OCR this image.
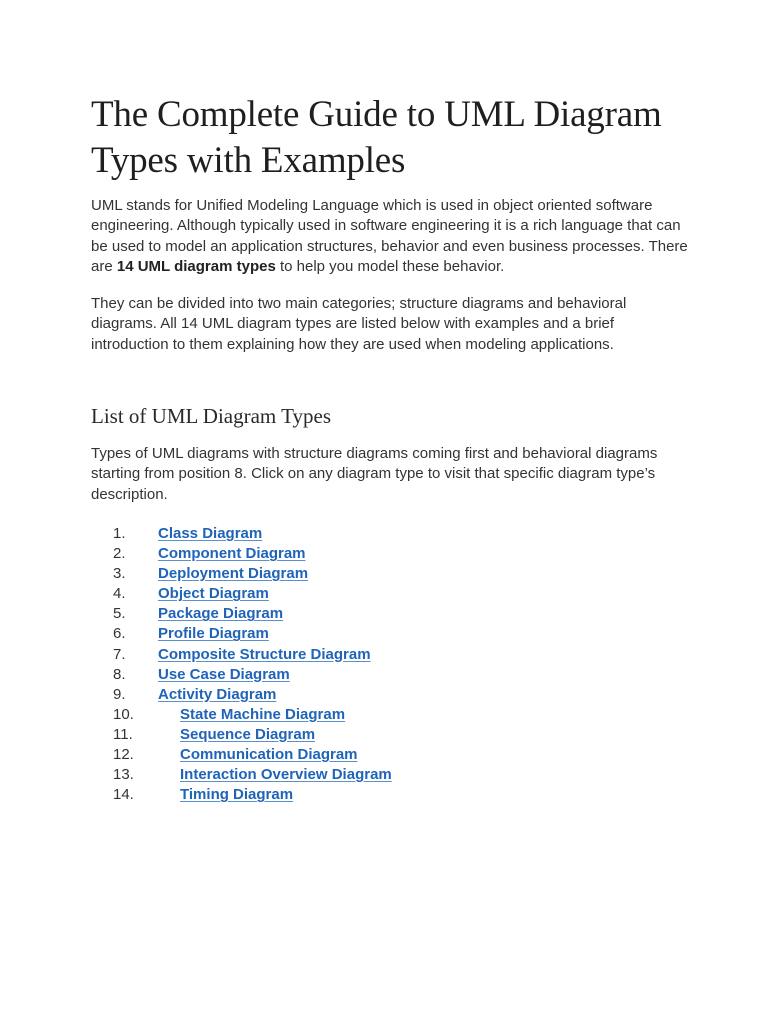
The Complete Guide to UML Diagram Types with Examples

UML stands for Unified Modeling Language which is used in object oriented software engineering. Although typically used in software engineering it is a rich language that can be used to model an application structures, behavior and even business processes. There are 14 UML diagram types to help you model these behavior.

They can be divided into two main categories; structure diagrams and behavioral diagrams. All 14 UML diagram types are listed below with examples and a brief introduction to them explaining how they are used when modeling applications.

List of UML Diagram Types

Types of UML diagrams with structure diagrams coming first and behavioral diagrams starting from position 8. Click on any diagram type to visit that specific diagram type’s description.

1.	Class Diagram
2.	Component Diagram
3.	Deployment Diagram
4.	Object Diagram
5.	Package Diagram
6.	Profile Diagram
7.	Composite Structure Diagram
8.	Use Case Diagram
9.	Activity Diagram
10.	State Machine Diagram
11.	Sequence Diagram
12.	Communication Diagram
13.	Interaction Overview Diagram
14.	Timing Diagram
